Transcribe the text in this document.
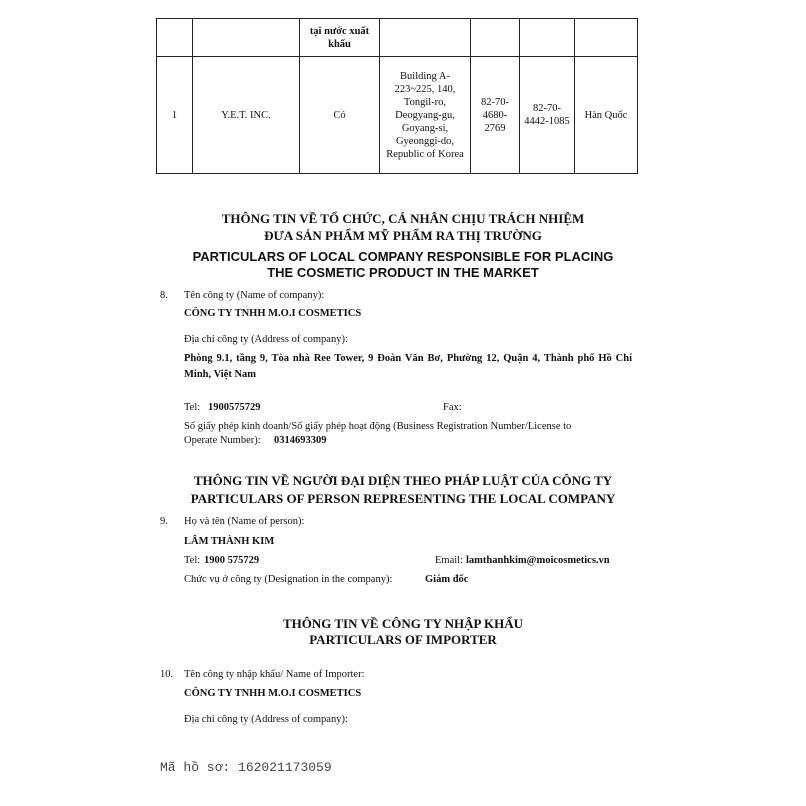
		tại nước xuất khẩu				
1	Y.E.T. INC.	Có	Building A-223~225, 140, Tongil-ro, Deogyang-gu, Goyang-si, Gyeonggi-do, Republic of Korea	82-70-4680-2769	82-70-4442-1085	Hàn Quốc
THÔNG TIN VỀ TỔ CHỨC, CÁ NHÂN CHỊU TRÁCH NHIỆM
ĐƯA SẢN PHẨM MỸ PHẨM RA THỊ TRƯỜNG
PARTICULARS OF LOCAL COMPANY RESPONSIBLE FOR PLACING
THE COSMETIC PRODUCT IN THE MARKET
8. Tên công ty (Name of company):
CÔNG TY TNHH M.O.I COSMETICS
Địa chỉ công ty (Address of company):
Phòng 9.1, tầng 9, Tòa nhà Ree Tower, 9 Đoàn Văn Bơ, Phường 12, Quận 4, Thành phố Hồ Chí Minh, Việt Nam
Tel: 1900575729	Fax:
Số giấy phép kinh doanh/Số giấy phép hoạt động (Business Registration Number/License to
Operate Number): 0314693309
THÔNG TIN VỀ NGƯỜI ĐẠI DIỆN THEO PHÁP LUẬT CỦA CÔNG TY
PARTICULARS OF PERSON REPRESENTING THE LOCAL COMPANY
9. Họ và tên (Name of person):
LÂM THÀNH KIM
Tel: 1900 575729	Email: lamthanhkim@moicosmetics.vn
Chức vụ ở công ty (Designation in the company):	Giám đốc
THÔNG TIN VỀ CÔNG TY NHẬP KHẨU
PARTICULARS OF IMPORTER
10. Tên công ty nhập khẩu/ Name of Importer:
CÔNG TY TNHH M.O.I COSMETICS
Địa chỉ công ty (Address of company):
Mã hồ sơ: 162021173059
